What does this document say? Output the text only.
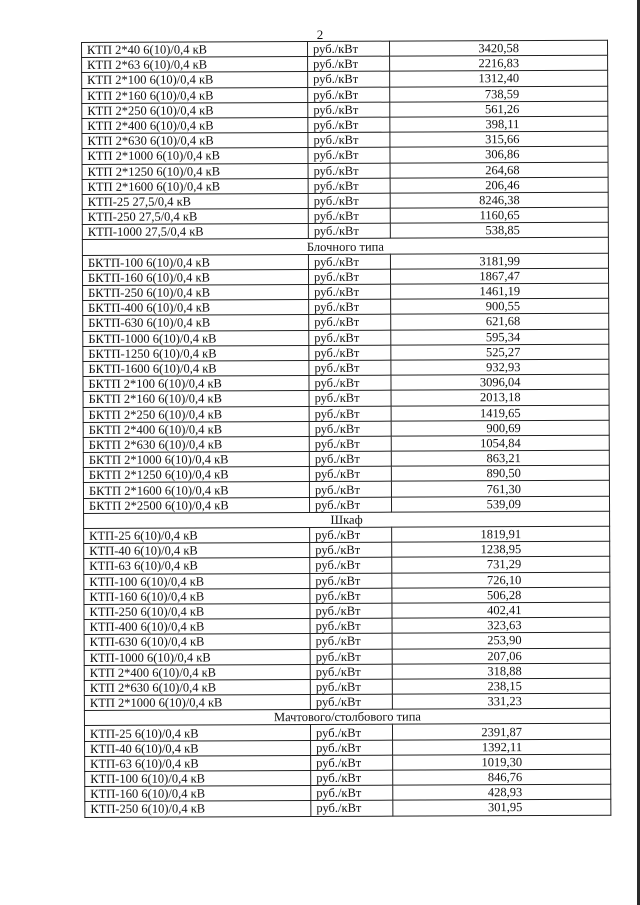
2
КТП 2*40 6(10)/0,4 кВ	руб./кВт	3420,58
КТП 2*63 6(10)/0,4 кВ	руб./кВт	2216,83
КТП 2*100 6(10)/0,4 кВ	руб./кВт	1312,40
КТП 2*160 6(10)/0,4 кВ	руб./кВт	738,59
КТП 2*250 6(10)/0,4 кВ	руб./кВт	561,26
КТП 2*400 6(10)/0,4 кВ	руб./кВт	398,11
КТП 2*630 6(10)/0,4 кВ	руб./кВт	315,66
КТП 2*1000 6(10)/0,4 кВ	руб./кВт	306,86
КТП 2*1250 6(10)/0,4 кВ	руб./кВт	264,68
КТП 2*1600 6(10)/0,4 кВ	руб./кВт	206,46
КТП-25 27,5/0,4 кВ	руб./кВт	8246,38
КТП-250 27,5/0,4 кВ	руб./кВт	1160,65
КТП-1000 27,5/0,4 кВ	руб./кВт	538,85
Блочного типа		
БКТП-100 6(10)/0,4 кВ	руб./кВт	3181,99
БКТП-160 6(10)/0,4 кВ	руб./кВт	1867,47
БКТП-250 6(10)/0,4 кВ	руб./кВт	1461,19
БКТП-400 6(10)/0,4 кВ	руб./кВт	900,55
БКТП-630 6(10)/0,4 кВ	руб./кВт	621,68
БКТП-1000 6(10)/0,4 кВ	руб./кВт	595,34
БКТП-1250 6(10)/0,4 кВ	руб./кВт	525,27
БКТП-1600 6(10)/0,4 кВ	руб./кВт	932,93
БКТП 2*100 6(10)/0,4 кВ	руб./кВт	3096,04
БКТП 2*160 6(10)/0,4 кВ	руб./кВт	2013,18
БКТП 2*250 6(10)/0,4 кВ	руб./кВт	1419,65
БКТП 2*400 6(10)/0,4 кВ	руб./кВт	900,69
БКТП 2*630 6(10)/0,4 кВ	руб./кВт	1054,84
БКТП 2*1000 6(10)/0,4 кВ	руб./кВт	863,21
БКТП 2*1250 6(10)/0,4 кВ	руб./кВт	890,50
БКТП 2*1600 6(10)/0,4 кВ	руб./кВт	761,30
БКТП 2*2500 6(10)/0,4 кВ	руб./кВт	539,09
Шкаф		
КТП-25 6(10)/0,4 кВ	руб./кВт	1819,91
КТП-40 6(10)/0,4 кВ	руб./кВт	1238,95
КТП-63 6(10)/0,4 кВ	руб./кВт	731,29
КТП-100 6(10)/0,4 кВ	руб./кВт	726,10
КТП-160 6(10)/0,4 кВ	руб./кВт	506,28
КТП-250 6(10)/0,4 кВ	руб./кВт	402,41
КТП-400 6(10)/0,4 кВ	руб./кВт	323,63
КТП-630 6(10)/0,4 кВ	руб./кВт	253,90
КТП-1000 6(10)/0,4 кВ	руб./кВт	207,06
КТП 2*400 6(10)/0,4 кВ	руб./кВт	318,88
КТП 2*630 6(10)/0,4 кВ	руб./кВт	238,15
КТП 2*1000 6(10)/0,4 кВ	руб./кВт	331,23
Мачтового/столбового типа		
КТП-25 6(10)/0,4 кВ	руб./кВт	2391,87
КТП-40 6(10)/0,4 кВ	руб./кВт	1392,11
КТП-63 6(10)/0,4 кВ	руб./кВт	1019,30
КТП-100 6(10)/0,4 кВ	руб./кВт	846,76
КТП-160 6(10)/0,4 кВ	руб./кВт	428,93
КТП-250 6(10)/0,4 кВ	руб./кВт	301,95
